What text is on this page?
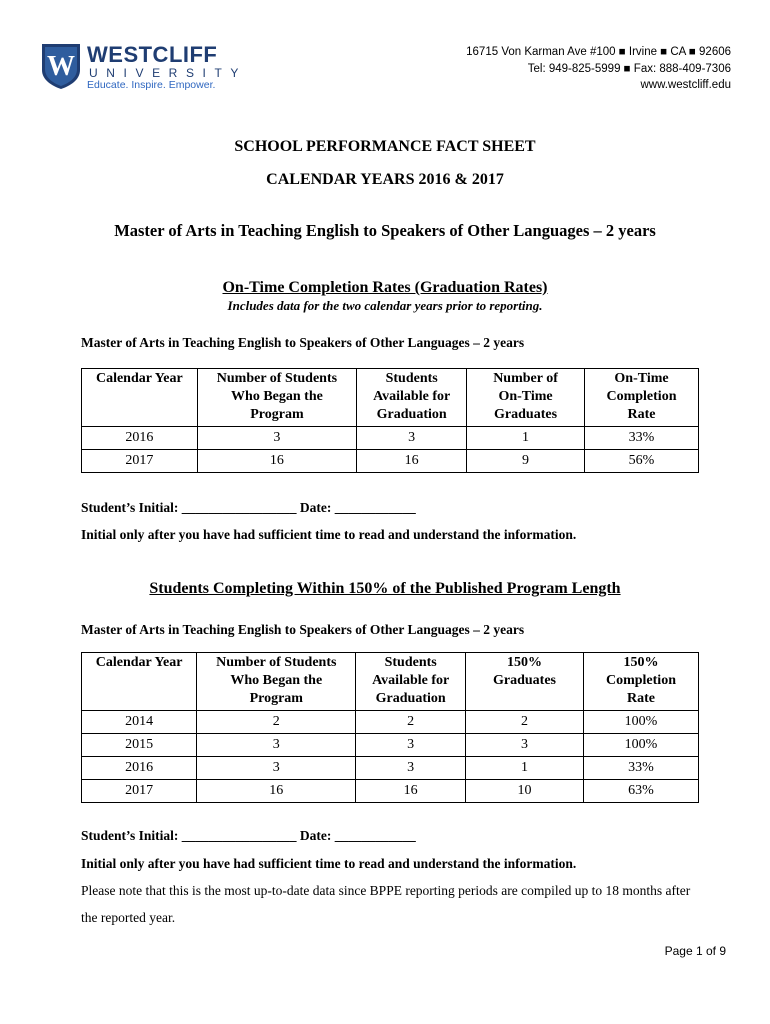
W WESTCLIFF
UNIVERSITY
Educate. Inspire. Empower.
16715 Von Karman Ave #100 ■ Irvine ■ CA ■ 92606
Tel: 949-825-5999 ■ Fax: 888-409-7306
www.westcliff.edu
SCHOOL PERFORMANCE FACT SHEET
CALENDAR YEARS 2016 & 2017
Master of Arts in Teaching English to Speakers of Other Languages – 2 years
On-Time Completion Rates (Graduation Rates)
Includes data for the two calendar years prior to reporting.
Master of Arts in Teaching English to Speakers of Other Languages – 2 years
Calendar Year	Number of Students Who Began the Program	Students Available for Graduation	Number of On-Time Graduates	On-Time Completion Rate
2016	3	3	1	33%
2017	16	16	9	56%
Student’s Initial: _________________ Date: ____________
Initial only after you have had sufficient time to read and understand the information.
Students Completing Within 150% of the Published Program Length
Master of Arts in Teaching English to Speakers of Other Languages – 2 years
Calendar Year	Number of Students Who Began the Program	Students Available for Graduation	150% Graduates	150% Completion Rate
2014	2	2	2	100%
2015	3	3	3	100%
2016	3	3	1	33%
2017	16	16	10	63%
Student’s Initial: _________________ Date: ____________
Initial only after you have had sufficient time to read and understand the information.
Please note that this is the most up-to-date data since BPPE reporting periods are compiled up to 18 months after the reported year.
Page 1 of 9
